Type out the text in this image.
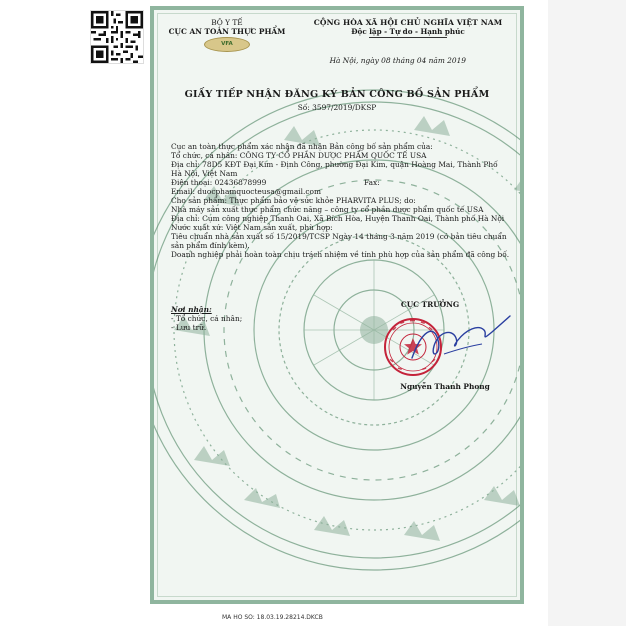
BỘ Y TẾ
CỤC AN TOÀN THỰC PHẨM
VFA
CỘNG HÒA XÃ HỘI CHỦ NGHĨA VIỆT NAM
Độc lập - Tự do - Hạnh phúc
Hà Nội, ngày 08 tháng 04 năm 2019
GIẤY TIẾP NHẬN ĐĂNG KÝ BẢN CÔNG BỐ SẢN PHẨM
Số: 3597/2019/DKSP
Cục an toàn thực phẩm xác nhận đã nhận Bản công bố sản phẩm của:
Tổ chức, cá nhân: CÔNG TY CỔ PHẦN DƯỢC PHẨM QUỐC TẾ USA
Địa chỉ: 78D5 KĐT Đại Kim - Định Công, phường Đại Kim, quận Hoàng Mai, Thành Phố
Hà Nội, Việt Nam
Điện thoại: 02436878999	Fax:
Email: duocphamquocteusa@gmail.com
Cho sản phẩm: Thực phẩm bảo vệ sức khỏe PHARVITA PLUS; do:
Nhà máy sản xuất thực phẩm chức năng – công ty cổ phần dược phẩm quốc tế USA
Địa chỉ: Cụm công nghiệp Thanh Oai, Xã Bích Hòa, Huyện Thanh Oai, Thành phố Hà Nội
Nước xuất xứ: Việt Nam sản xuất, phù hợp:
Tiêu chuẩn nhà sản xuất số 15/2019/TCSP Ngày 14 tháng 3 năm 2019 (có bản tiêu chuẩn sản phẩm đính kèm).
Doanh nghiệp phải hoàn toàn chịu trách nhiệm về tính phù hợp của sản phẩm đã công bố.
Nơi nhận:
- Tổ chức, cá nhân;
- Lưu trữ.
CỤC TRƯỞNG
Nguyễn Thanh Phong
MA HO SO: 18.03.19.28214.DKCB
